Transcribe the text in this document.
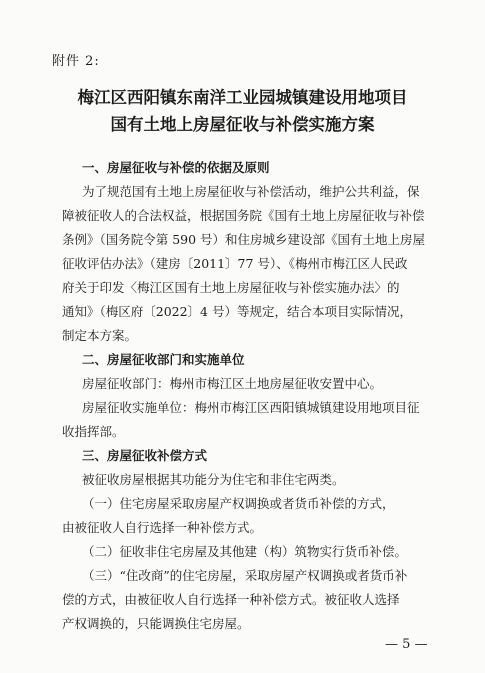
附件 2:
梅江区西阳镇东南洋工业园城镇建设用地项目
国有土地上房屋征收与补偿实施方案
一、房屋征收与补偿的依据及原则
为了规范国有土地上房屋征收与补偿活动，维护公共利益，保
障被征收人的合法权益，根据国务院《国有土地上房屋征收与补偿
条例》（国务院令第 590 号）和住房城乡建设部《国有土地上房屋
征收评估办法》（建房〔2011〕77 号）、《梅州市梅江区人民政
府关于印发〈梅江区国有土地上房屋征收与补偿实施办法〉的
通知》（梅区府〔2022〕4 号）等规定，结合本项目实际情况，
制定本方案。
二、房屋征收部门和实施单位
房屋征收部门：梅州市梅江区土地房屋征收安置中心。
房屋征收实施单位：梅州市梅江区西阳镇城镇建设用地项目征
收指挥部。
三、房屋征收补偿方式
被征收房屋根据其功能分为住宅和非住宅两类。
（一）住宅房屋采取房屋产权调换或者货币补偿的方式，
由被征收人自行选择一种补偿方式。
（二）征收非住宅房屋及其他建（构）筑物实行货币补偿。
（三）“住改商”的住宅房屋，采取房屋产权调换或者货币补
偿的方式，由被征收人自行选择一种补偿方式。被征收人选择
产权调换的，只能调换住宅房屋。
— 5 —
